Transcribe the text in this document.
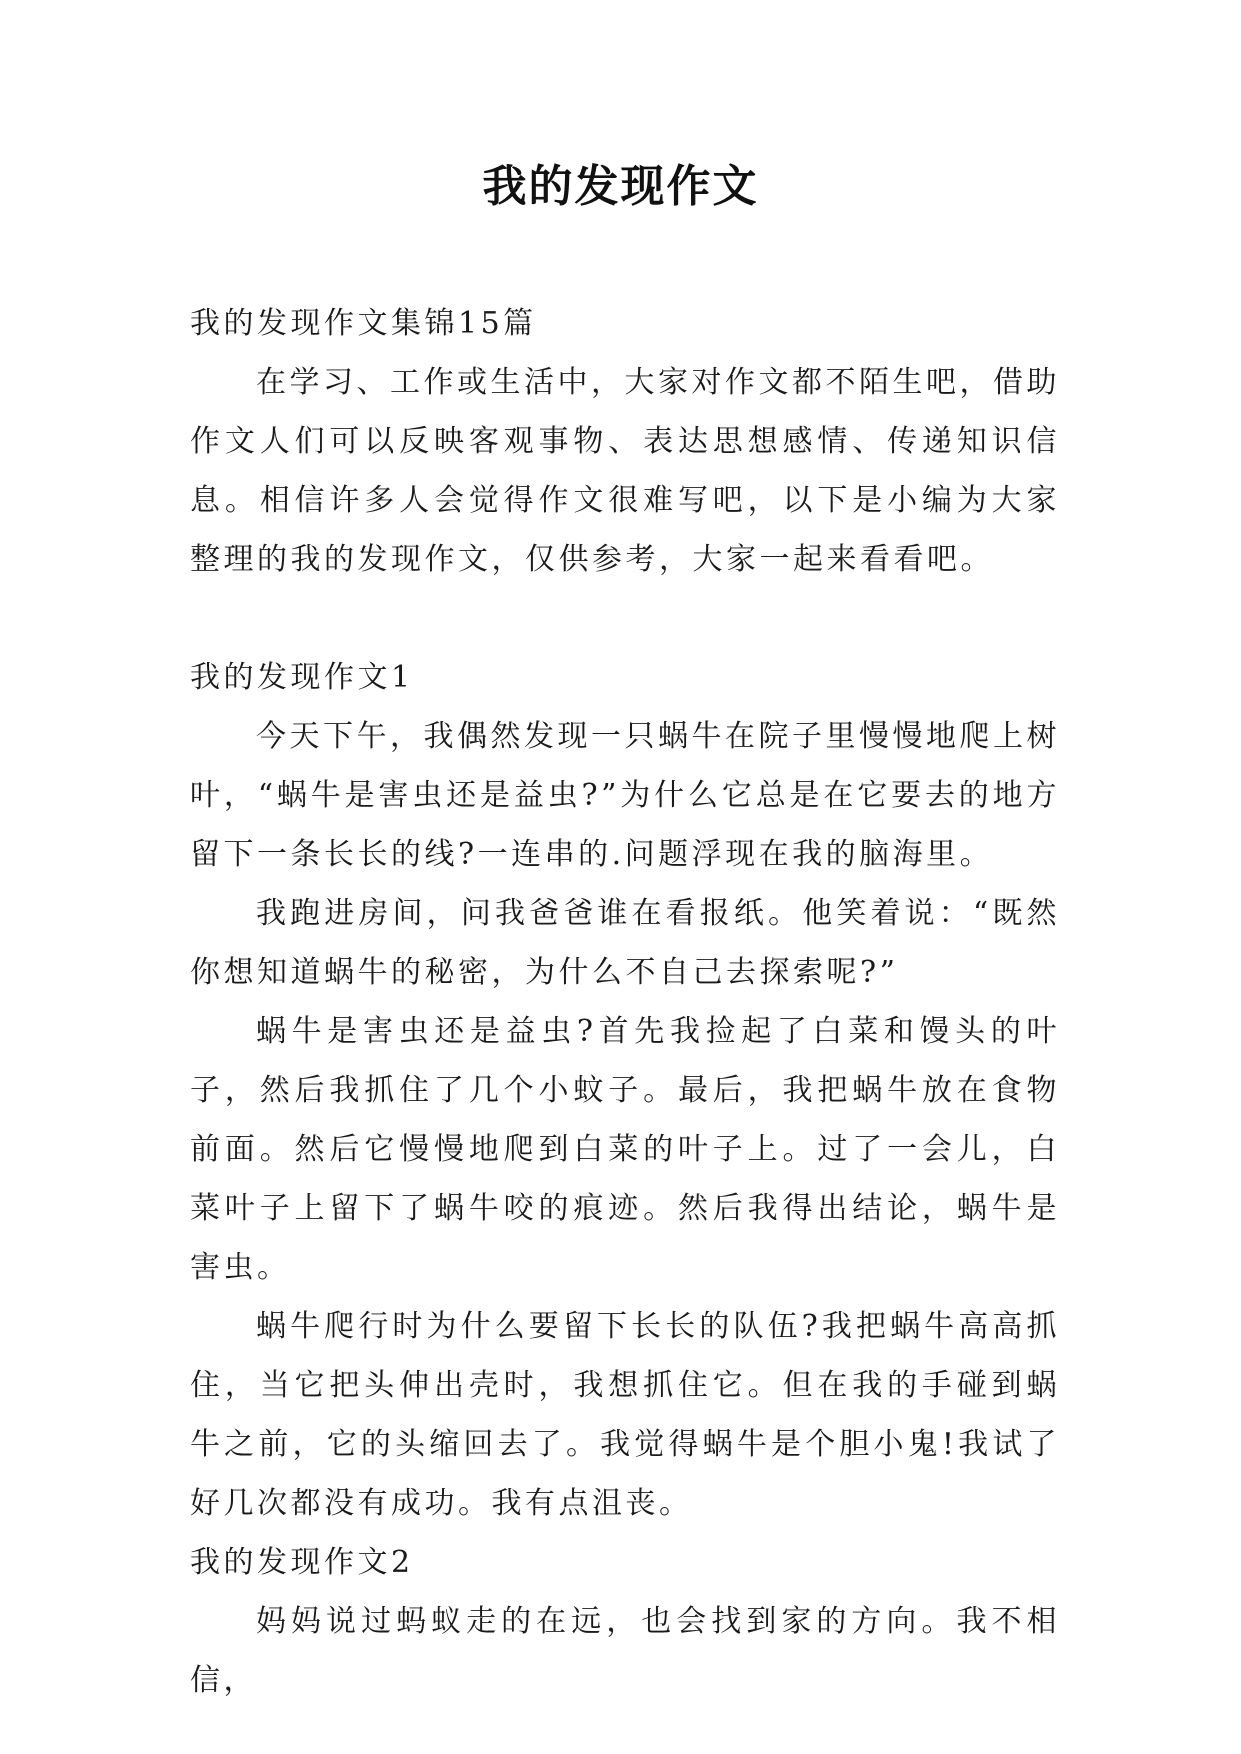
我的发现作文

我的发现作文集锦15篇

在学习、工作或生活中，大家对作文都不陌生吧，借助作文人们可以反映客观事物、表达思想感情、传递知识信息。相信许多人会觉得作文很难写吧，以下是小编为大家整理的我的发现作文，仅供参考，大家一起来看看吧。

我的发现作文1

今天下午，我偶然发现一只蜗牛在院子里慢慢地爬上树叶，“蜗牛是害虫还是益虫?”为什么它总是在它要去的地方留下一条长长的线?一连串的.问题浮现在我的脑海里。

我跑进房间，问我爸爸谁在看报纸。他笑着说：“既然你想知道蜗牛的秘密，为什么不自己去探索呢?”

蜗牛是害虫还是益虫?首先我捡起了白菜和馒头的叶子，然后我抓住了几个小蚊子。最后，我把蜗牛放在食物前面。然后它慢慢地爬到白菜的叶子上。过了一会儿，白菜叶子上留下了蜗牛咬的痕迹。然后我得出结论，蜗牛是害虫。

蜗牛爬行时为什么要留下长长的队伍?我把蜗牛高高抓住，当它把头伸出壳时，我想抓住它。但在我的手碰到蜗牛之前，它的头缩回去了。我觉得蜗牛是个胆小鬼!我试了好几次都没有成功。我有点沮丧。

我的发现作文2

妈妈说过蚂蚁走的在远，也会找到家的方向。我不相信，
